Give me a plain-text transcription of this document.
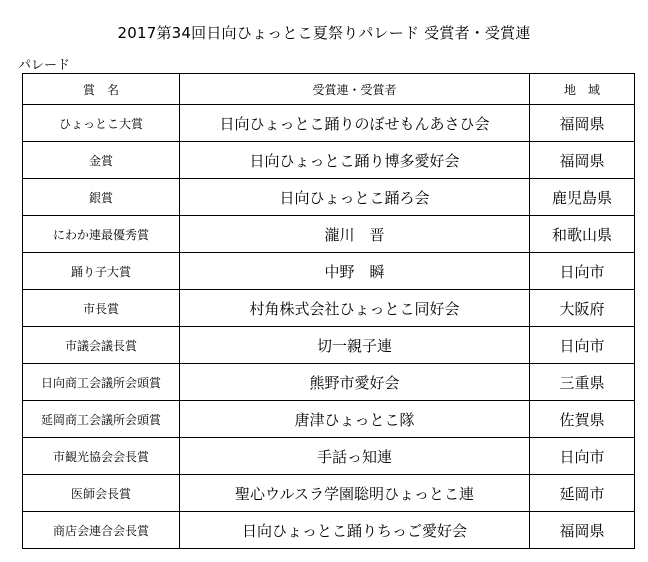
2017第34回日向ひょっとこ夏祭りパレード 受賞者・受賞連
パレード
賞　名	受賞連・受賞者	地　域
ひょっとこ大賞	日向ひょっとこ踊りのぼせもんあさひ会	福岡県
金賞	日向ひょっとこ踊り博多愛好会	福岡県
銀賞	日向ひょっとこ踊ろ会	鹿児島県
にわか連最優秀賞	瀧川　晋	和歌山県
踊り子大賞	中野　瞬	日向市
市長賞	村角株式会社ひょっとこ同好会	大阪府
市議会議長賞	切一親子連	日向市
日向商工会議所会頭賞	熊野市愛好会	三重県
延岡商工会議所会頭賞	唐津ひょっとこ隊	佐賀県
市観光協会会長賞	手話っ知連	日向市
医師会長賞	聖心ウルスラ学園聡明ひょっとこ連	延岡市
商店会連合会長賞	日向ひょっとこ踊りちっご愛好会	福岡県
